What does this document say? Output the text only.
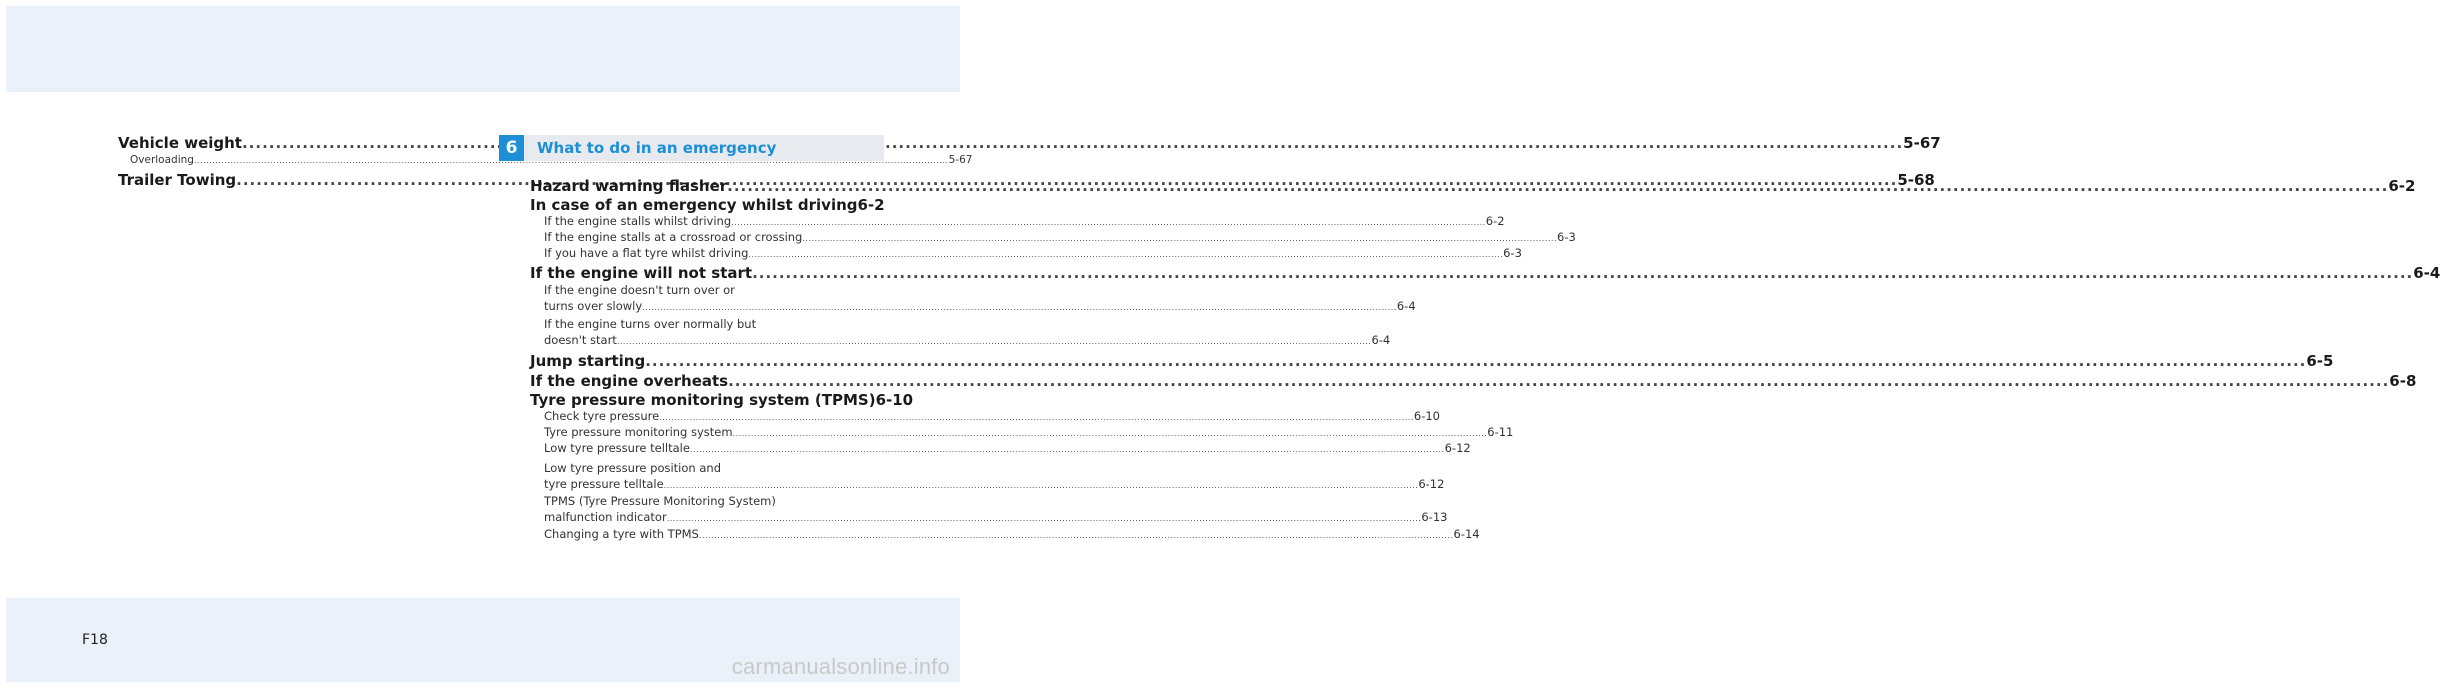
Vehicle weight .....	5-67
Overloading .....	5-67
Trailer Towing .....	5-68
6	What to do in an emergency
Hazard warning flasher .....	6-2
In case of an emergency whilst driving 6-2
If the engine stalls whilst driving .....	6-2
If the engine stalls at a crossroad or crossing .....	6-3
If you have a flat tyre whilst driving .....	6-3
If the engine will not start .....	6-4
If the engine doesn't turn over or
turns over slowly .....	6-4
If the engine turns over normally but
doesn't start .....	6-4
Jump starting .....	6-5
If the engine overheats .....	6-8
Tyre pressure monitoring system (TPMS) 6-10
Check tyre pressure .....	6-10
Tyre pressure monitoring system .....	6-11
Low tyre pressure telltale .....	6-12
Low tyre pressure position and
tyre pressure telltale .....	6-12
TPMS (Tyre Pressure Monitoring System)
malfunction indicator .....	6-13
Changing a tyre with TPMS .....	6-14
F18
carmanualsonline.info
